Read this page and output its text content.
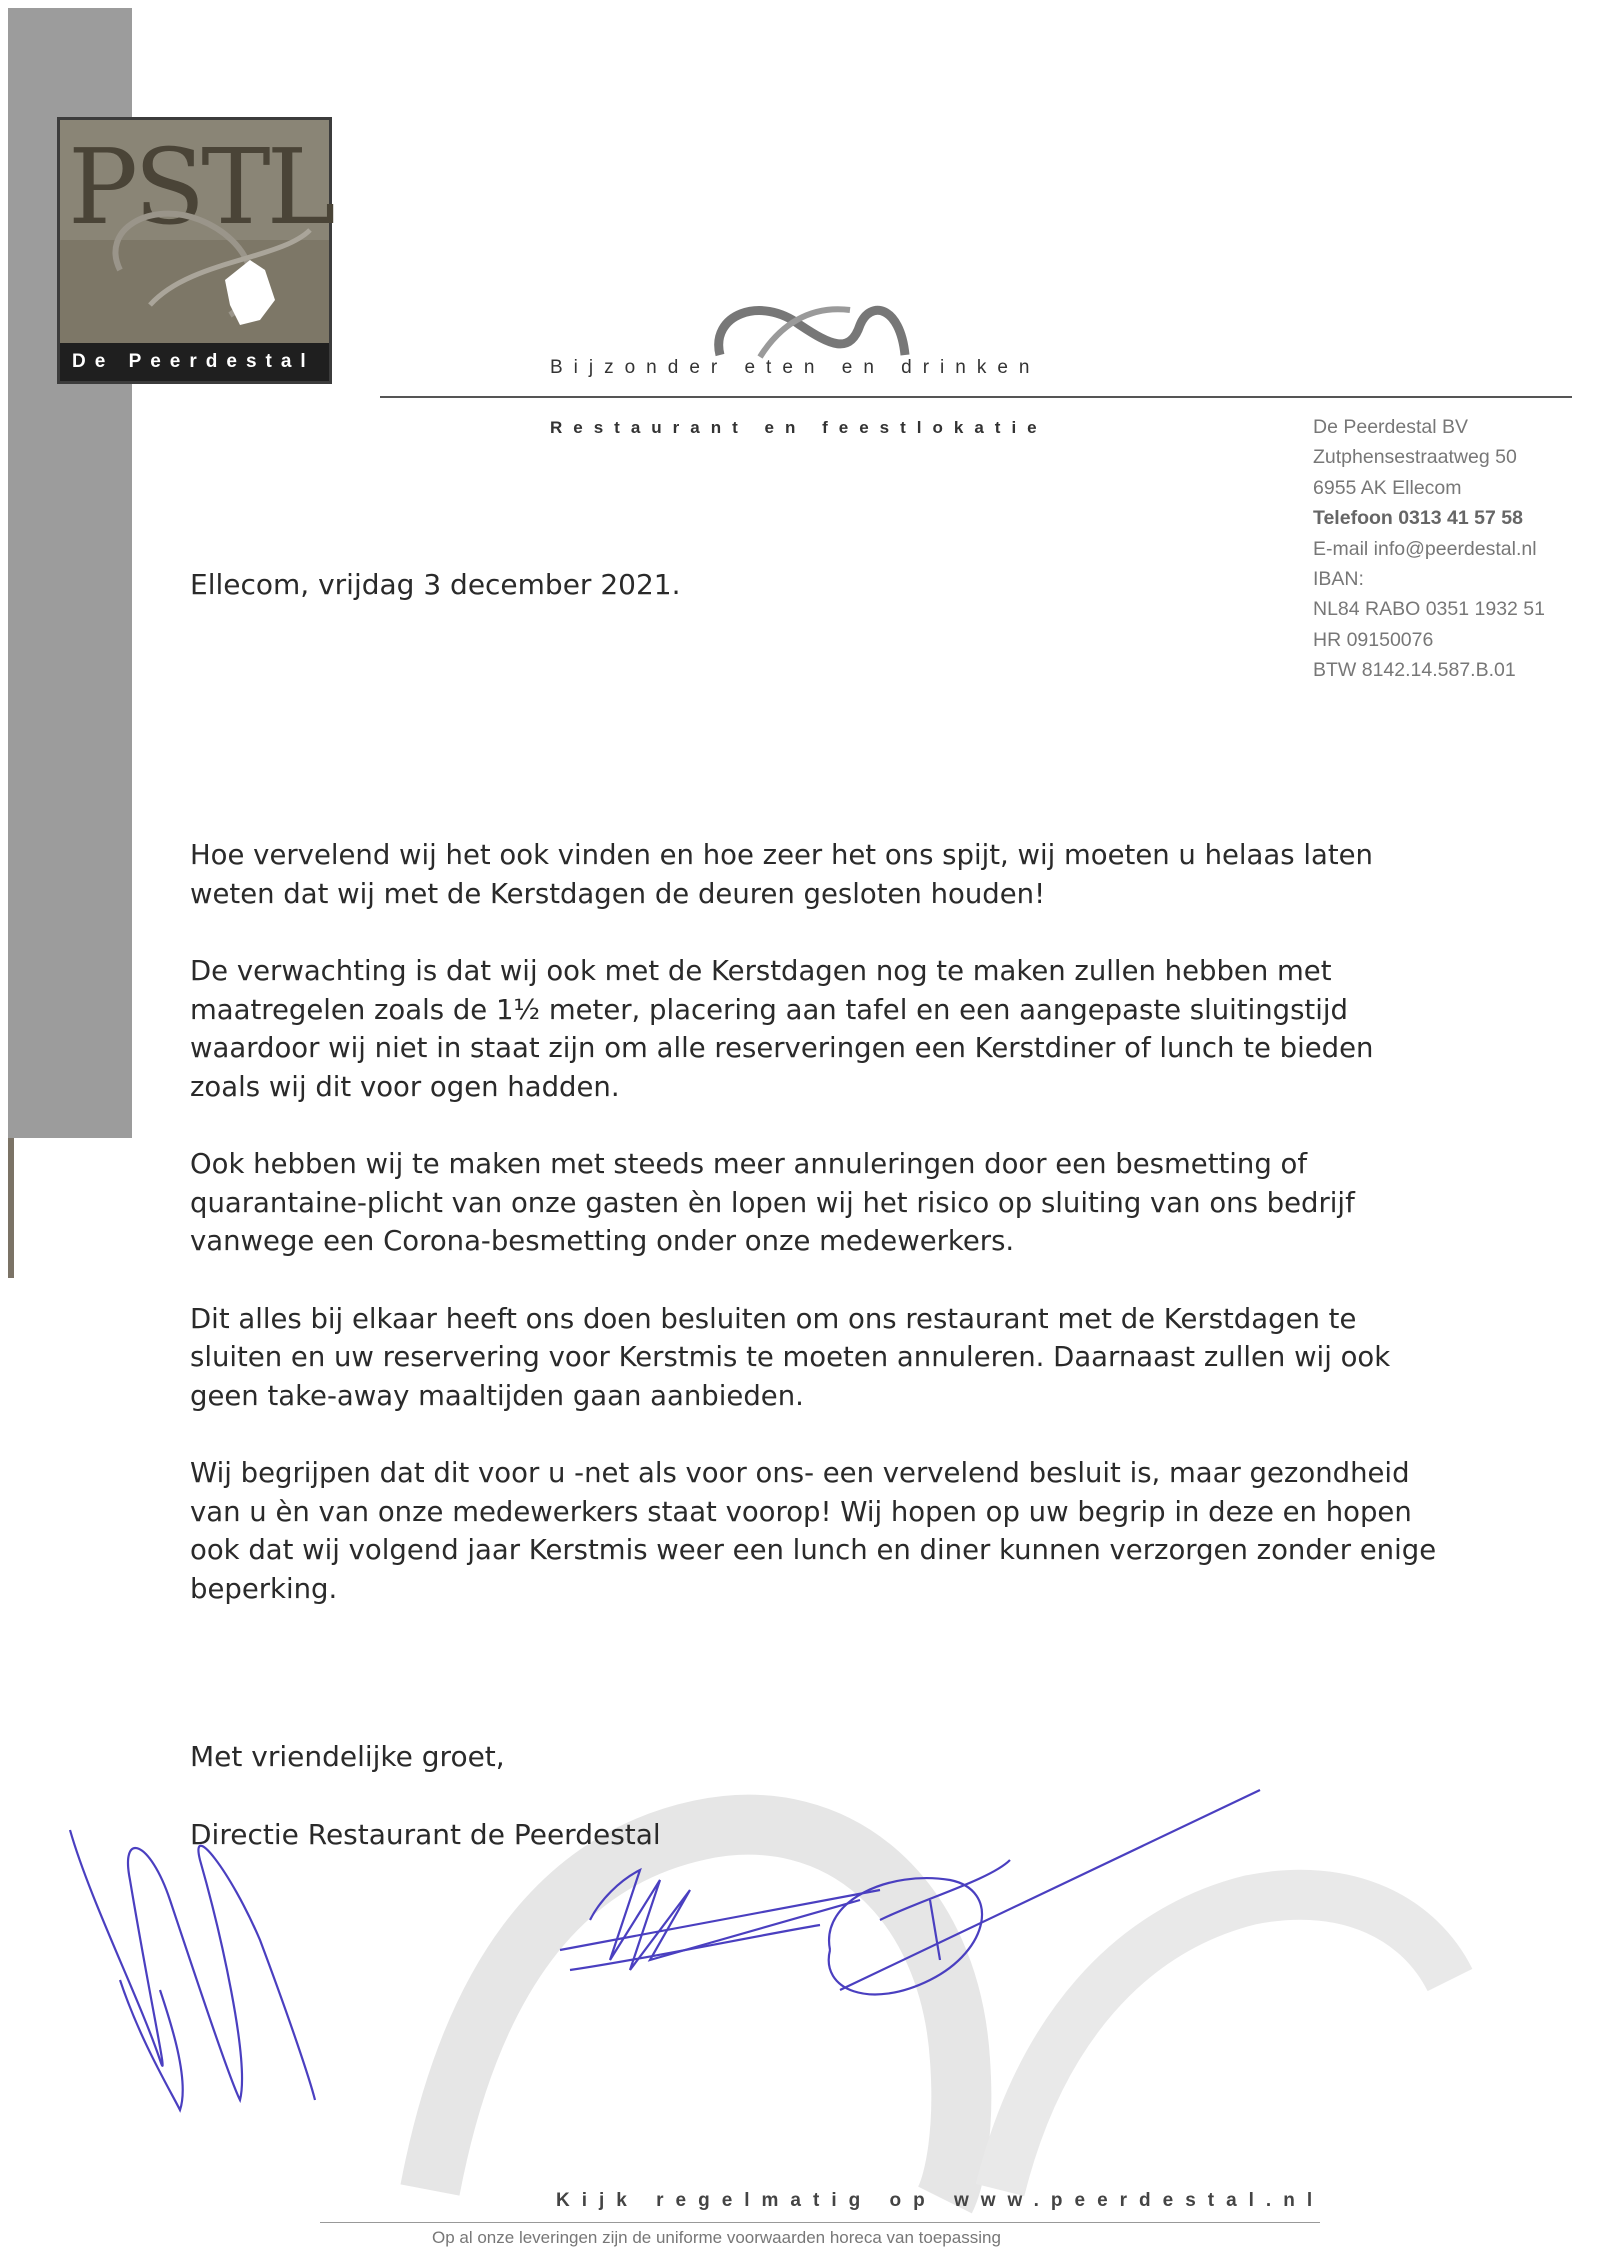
PSTL
De Peerdestal	Bijzonder eten en drinken
Restaurant en feestlokatie	De Peerdestal BV
Zutphensestraatweg 50
6955 AK Ellecom
Telefoon 0313 41 57 58
E-mail info@peerdestal.nl
IBAN:
NL84 RABO 0351 1932 51
HR 09150076
BTW 8142.14.587.B.01
Ellecom, vrijdag 3 december 2021.

Hoe vervelend wij het ook vinden en hoe zeer het ons spijt, wij moeten u helaas laten weten dat wij met de Kerstdagen de deuren gesloten houden!

De verwachting is dat wij ook met de Kerstdagen nog te maken zullen hebben met maatregelen zoals de 1½ meter, placering aan tafel en een aangepaste sluitingstijd waardoor wij niet in staat zijn om alle reserveringen een Kerstdiner of lunch te bieden zoals wij dit voor ogen hadden.

Ook hebben wij te maken met steeds meer annuleringen door een besmetting of quarantaine-plicht van onze gasten èn lopen wij het risico op sluiting van ons bedrijf vanwege een Corona-besmetting onder onze medewerkers.

Dit alles bij elkaar heeft ons doen besluiten om ons restaurant met de Kerstdagen te sluiten en uw reservering voor Kerstmis te moeten annuleren. Daarnaast zullen wij ook geen take-away maaltijden gaan aanbieden.

Wij begrijpen dat dit voor u -net als voor ons- een vervelend besluit is, maar gezondheid van u èn van onze medewerkers staat voorop! Wij hopen op uw begrip in deze en hopen ook dat wij volgend jaar Kerstmis weer een lunch en diner kunnen verzorgen zonder enige beperking.

Met vriendelijke groet,
Directie Restaurant de Peerdestal
Kijk regelmatig op www.peerdestal.nl
Op al onze leveringen zijn de uniforme voorwaarden horeca van toepassing
